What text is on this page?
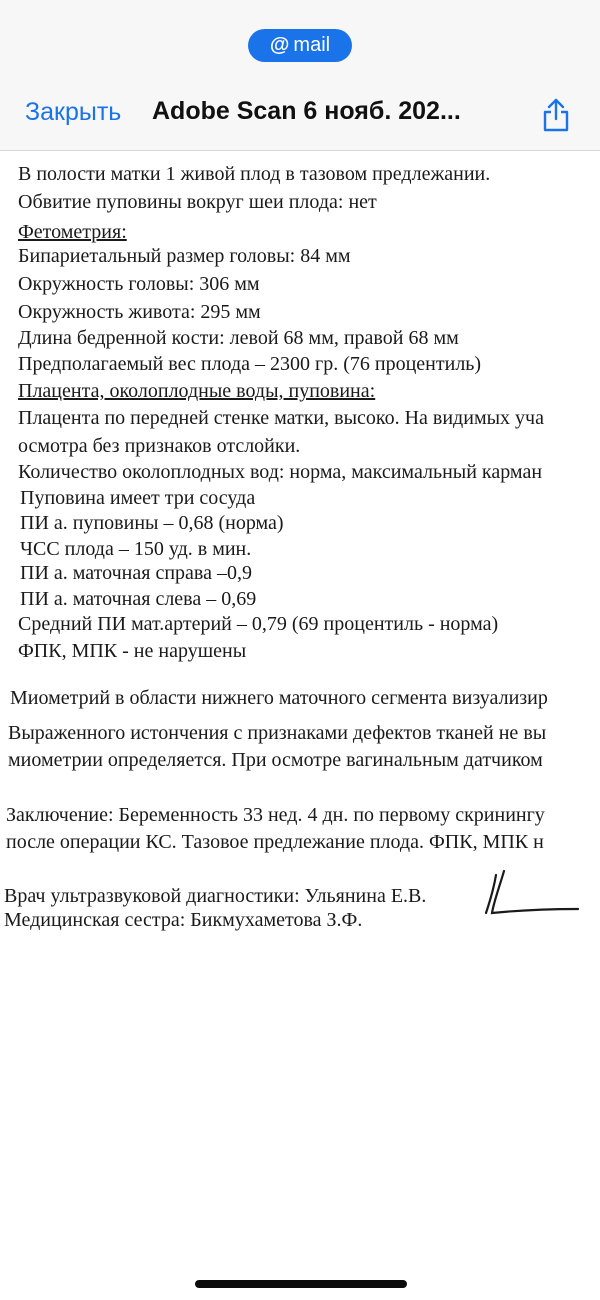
@ mail
Закрыть Adobe Scan 6 нояб. 202...
В полости матки 1 живой плод в тазовом предлежании.
Обвитие пуповины вокруг шеи плода: нет
Фетометрия:
Бипариетальный размер головы: 84 мм
Окружность головы: 306 мм
Окружность живота: 295 мм
Длина бедренной кости: левой 68 мм, правой 68 мм
Предполагаемый вес плода – 2300 гр. (76 процентиль)
Плацента, околоплодные воды, пуповина:
Плацента по передней стенке матки, высоко. На видимых уча
осмотра без признаков отслойки.
Количество околоплодных вод: норма, максимальный карман
Пуповина имеет три сосуда
ПИ а. пуповины – 0,68 (норма)
ЧСС плода – 150 уд. в мин.
ПИ а. маточная справа –0,9
ПИ а. маточная слева – 0,69
Средний ПИ мат.артерий – 0,79 (69 процентиль - норма)
ФПК, МПК - не нарушены
Миометрий в области нижнего маточного сегмента визуализир
Выраженного истончения с признаками дефектов тканей не вы
миометрии определяется. При осмотре вагинальным датчиком
Заключение: Беременность 33 нед. 4 дн. по первому скринингу
после операции КС. Тазовое предлежание плода. ФПК, МПК н
Врач ультразвуковой диагностики: Ульянина Е.В.
Медицинская сестра: Бикмухаметова З.Ф.
